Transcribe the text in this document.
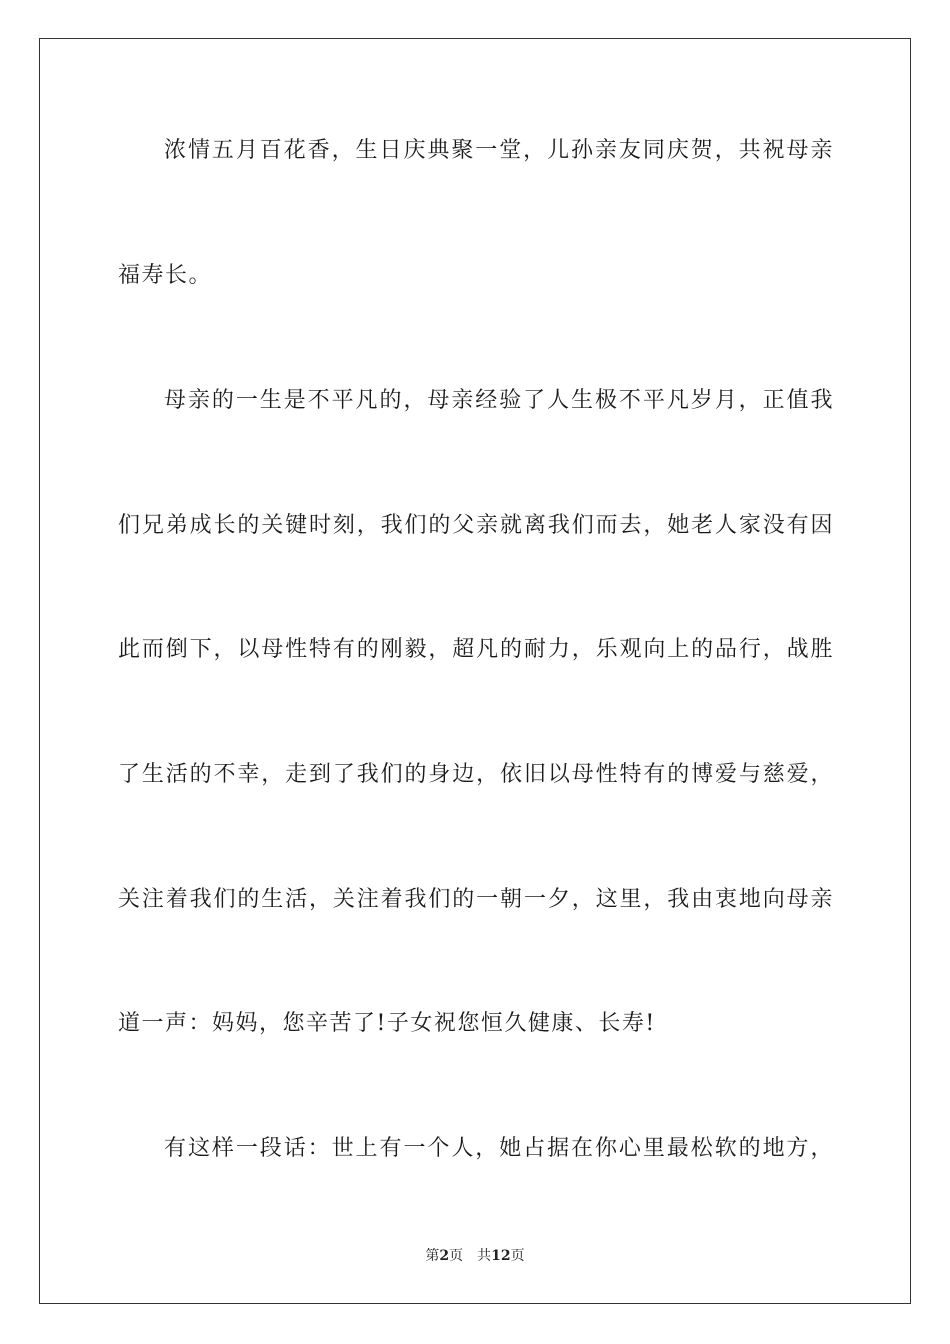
浓情五月百花香，生日庆典聚一堂，儿孙亲友同庆贺，共祝母亲
福寿长。
母亲的一生是不平凡的，母亲经验了人生极不平凡岁月，正值我
们兄弟成长的关键时刻，我们的父亲就离我们而去，她老人家没有因
此而倒下，以母性特有的刚毅，超凡的耐力，乐观向上的品行，战胜
了生活的不幸，走到了我们的身边，依旧以母性特有的博爱与慈爱，
关注着我们的生活，关注着我们的一朝一夕，这里，我由衷地向母亲
道一声：妈妈，您辛苦了!子女祝您恒久健康、长寿!
有这样一段话：世上有一个人，她占据在你心里最松软的地方，
第2页 共12页
